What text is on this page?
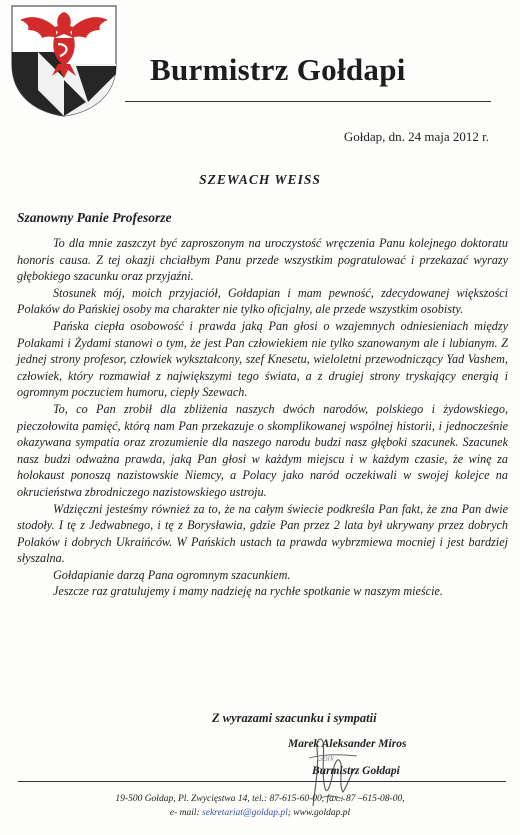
Burmistrz Gołdapi
Gołdap, dn. 24 maja 2012 r.
SZEWACH WEISS
Szanowny Panie Profesorze

To dla mnie zaszczyt być zaproszonym na uroczystość wręczenia Panu kolejnego doktoratu honoris causa. Z tej okazji chciałbym Panu przede wszystkim pogratulować i przekazać wyrazy głębokiego szacunku oraz przyjaźni.

Stosunek mój, moich przyjaciół, Gołdapian i mam pewność, zdecydowanej większości Polaków do Pańskiej osoby ma charakter nie tylko oficjalny, ale przede wszystkim osobisty.

Pańska ciepła osobowość i prawda jaką Pan głosi o wzajemnych odniesieniach między Polakami i Żydami stanowi o tym, że jest Pan człowiekiem nie tylko szanowanym ale i lubianym. Z jednej strony profesor, człowiek wykształcony, szef Knesetu, wieloletni przewodniczący Yad Vashem, człowiek, który rozmawiał z największymi tego świata, a z drugiej strony tryskający energią i ogromnym poczuciem humoru, ciepły Szewach.

To, co Pan zrobił dla zbliżenia naszych dwóch narodów, polskiego i żydowskiego, pieczołowita pamięć, którą nam Pan przekazuje o skomplikowanej wspólnej historii, i jednocześnie okazywana sympatia oraz zrozumienie dla naszego narodu budzi nasz głęboki szacunek. Szacunek nasz budzi odważna prawda, jaką Pan głosi w każdym miejscu i w każdym czasie, że winę za holokaust ponoszą nazistowskie Niemcy, a Polacy jako naród oczekiwali w swojej kolejce na okrucieństwa zbrodniczego nazistowskiego ustroju.

Wdzięczni jesteśmy również za to, że na całym świecie podkreśla Pan fakt, że zna Pan dwie stodoły. I tę z Jedwabnego, i tę z Borysławia, gdzie Pan przez 2 lata był ukrywany przez dobrych Polaków i dobrych Ukraińców. W Pańskich ustach ta prawda wybrzmiewa mocniej i jest bardziej słyszalna.

Gołdapianie darzą Pana ogromnym szacunkiem.

Jeszcze raz gratulujemy i mamy nadzieję na rychłe spotkanie w naszym mieście.

Z wyrazami szacunku i sympatii
Marek Aleksander Miros
Gork
Burmistrz Gołdapi
19-500 Gołdap, Pl. Zwycięstwa 14, tel.: 87-615-60-00, fax.: 87 –615-08-00,
e- mail: sekretariat@goldap.pl; www.goldap.pl
